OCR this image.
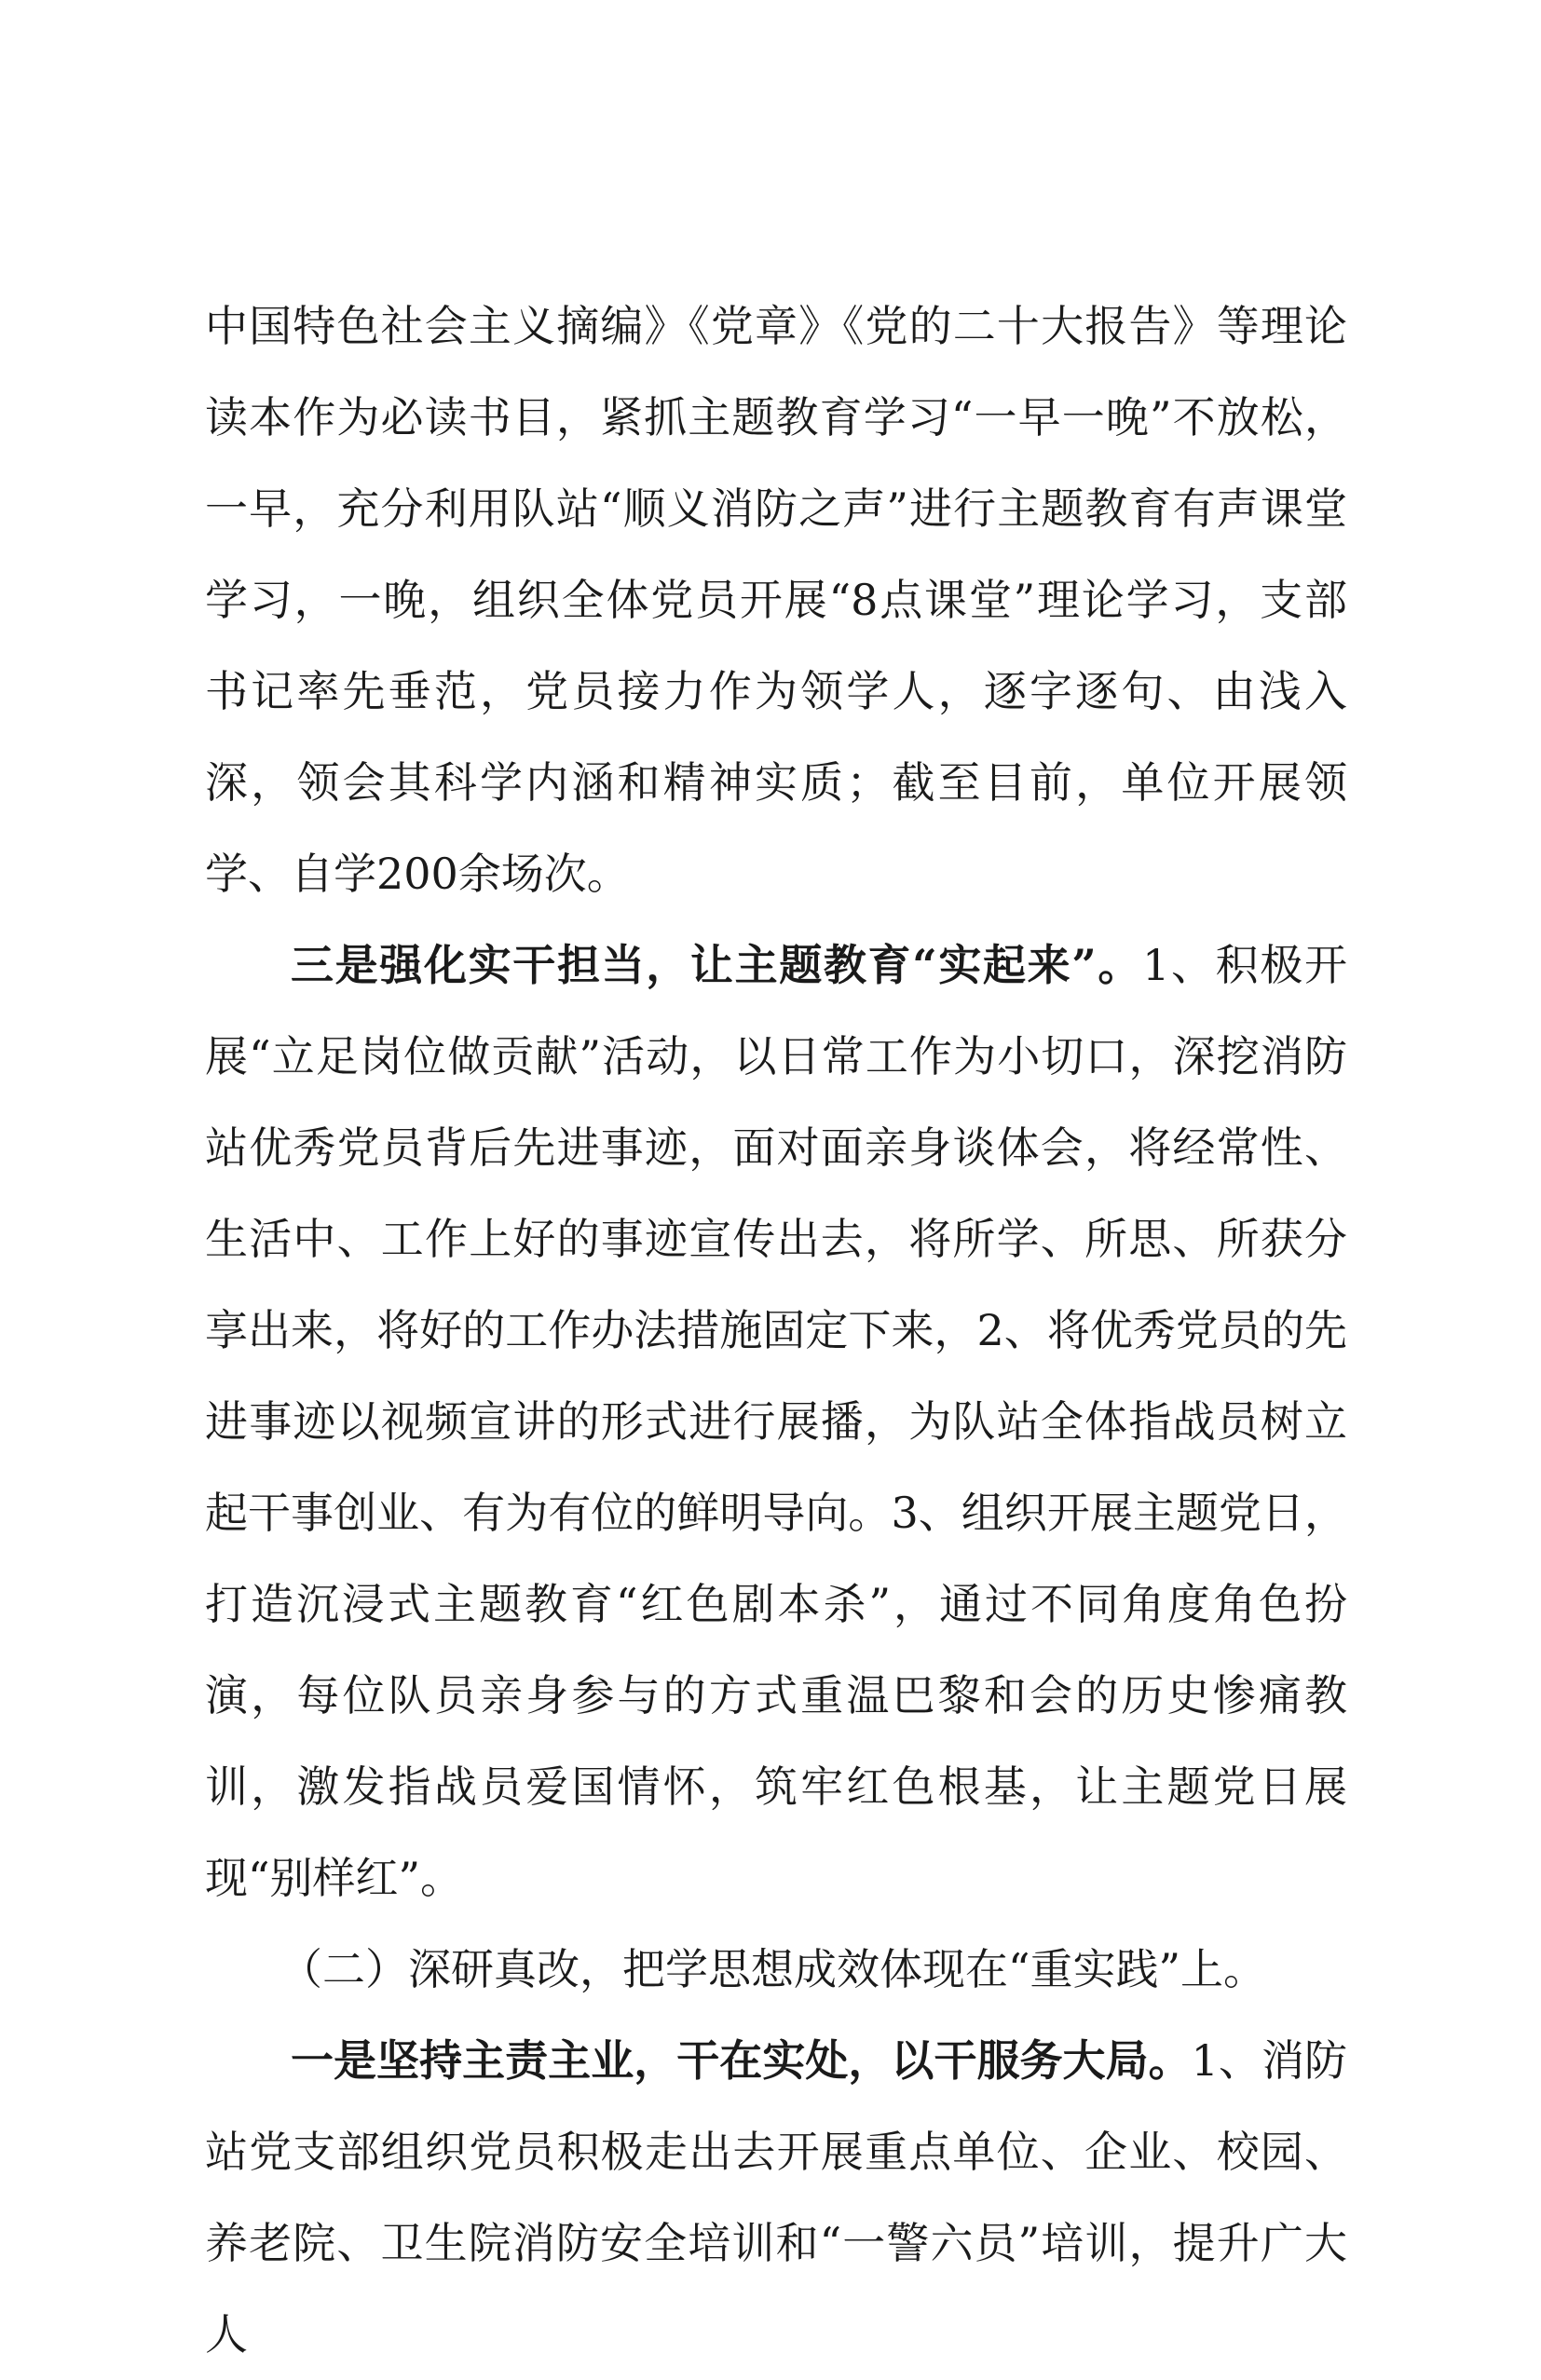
中国特色社会主义摘编》《党章》《党的二十大报告》等理论读本作为必读书目，紧抓主题教育学习“一早一晚”不放松，一早，充分利用队站“顺义消防之声”进行主题教育有声课堂学习，一晚，组织全体党员开展“8点课堂”理论学习，支部书记率先垂范，党员接力作为领学人，逐字逐句、由浅入深，领会其科学内涵和精神实质；截至目前，单位开展领学、自学200余场次。

三是强化实干担当，让主题教育“实起来”。1、积极开展“立足岗位做贡献”活动，以日常工作为小切口，深挖消防站优秀党员背后先进事迹，面对面亲身谈体会，将经常性、生活中、工作上好的事迹宣传出去，将所学、所思、所获分享出来，将好的工作办法措施固定下来，2、将优秀党员的先进事迹以视频宣讲的形式进行展播，为队站全体指战员树立起干事创业、有为有位的鲜明导向。3、组织开展主题党日，打造沉浸式主题教育“红色剧本杀”，通过不同角度角色扮演，每位队员亲身参与的方式重温巴黎和会的历史惨痛教训，激发指战员爱国情怀，筑牢红色根基，让主题党日展现“别样红”。

（二）深研真改，把学思想成效体现在“重实践”上。

一是坚持主责主业，干在实处，以干服务大局。1、消防站党支部组织党员积极走出去开展重点单位、企业、校园、养老院、卫生院消防安全培训和“一警六员”培训，提升广大人
